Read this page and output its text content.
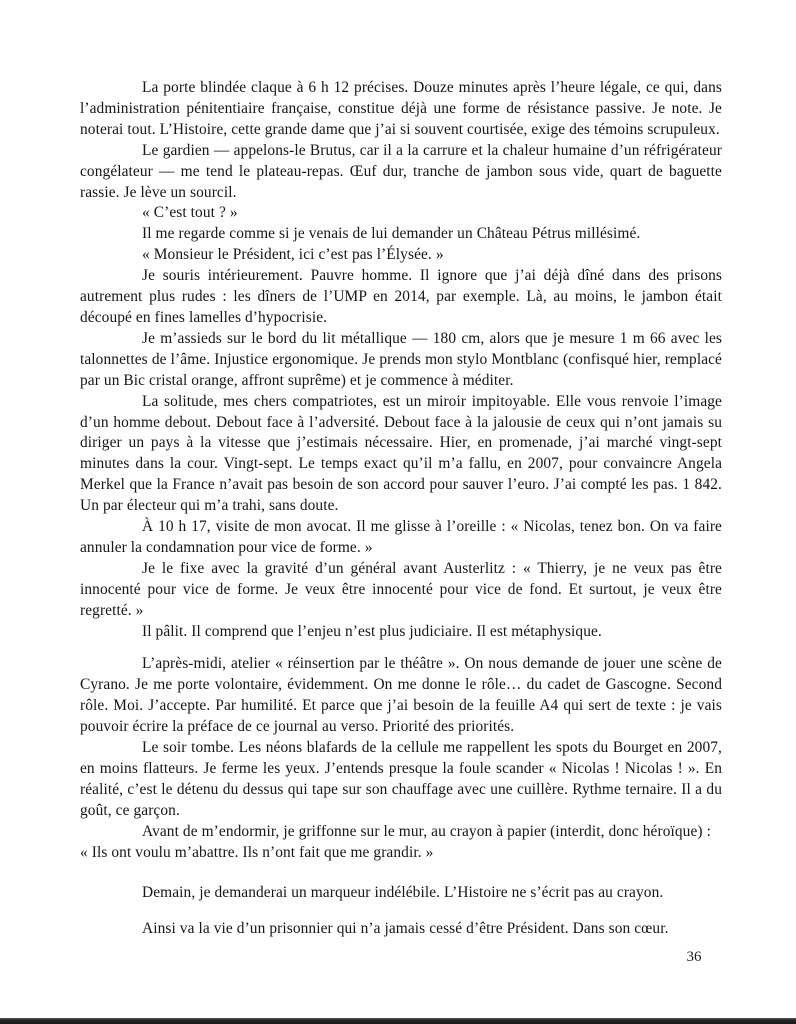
La porte blindée claque à 6 h 12 précises. Douze minutes après l’heure légale, ce qui, dans l’administration pénitentiaire française, constitue déjà une forme de résistance passive. Je note. Je noterai tout. L’Histoire, cette grande dame que j’ai si souvent courtisée, exige des témoins scrupuleux.

Le gardien — appelons-le Brutus, car il a la carrure et la chaleur humaine d’un réfrigérateur congélateur — me tend le plateau-repas. Œuf dur, tranche de jambon sous vide, quart de baguette rassie. Je lève un sourcil.

« C’est tout ? »

Il me regarde comme si je venais de lui demander un Château Pétrus millésimé.

« Monsieur le Président, ici c’est pas l’Élysée. »

Je souris intérieurement. Pauvre homme. Il ignore que j’ai déjà dîné dans des prisons autrement plus rudes : les dîners de l’UMP en 2014, par exemple. Là, au moins, le jambon était découpé en fines lamelles d’hypocrisie.

Je m’assieds sur le bord du lit métallique — 180 cm, alors que je mesure 1 m 66 avec les talonnettes de l’âme. Injustice ergonomique. Je prends mon stylo Montblanc (confisqué hier, remplacé par un Bic cristal orange, affront suprême) et je commence à méditer.

La solitude, mes chers compatriotes, est un miroir impitoyable. Elle vous renvoie l’image d’un homme debout. Debout face à l’adversité. Debout face à la jalousie de ceux qui n’ont jamais su diriger un pays à la vitesse que j’estimais nécessaire. Hier, en promenade, j’ai marché vingt-sept minutes dans la cour. Vingt-sept. Le temps exact qu’il m’a fallu, en 2007, pour convaincre Angela Merkel que la France n’avait pas besoin de son accord pour sauver l’euro. J’ai compté les pas. 1 842. Un par électeur qui m’a trahi, sans doute.

À 10 h 17, visite de mon avocat. Il me glisse à l’oreille : « Nicolas, tenez bon. On va faire annuler la condamnation pour vice de forme. »

Je le fixe avec la gravité d’un général avant Austerlitz : « Thierry, je ne veux pas être innocenté pour vice de forme. Je veux être innocenté pour vice de fond. Et surtout, je veux être regretté. »

Il pâlit. Il comprend que l’enjeu n’est plus judiciaire. Il est métaphysique.

L’après-midi, atelier « réinsertion par le théâtre ». On nous demande de jouer une scène de Cyrano. Je me porte volontaire, évidemment. On me donne le rôle… du cadet de Gascogne. Second rôle. Moi. J’accepte. Par humilité. Et parce que j’ai besoin de la feuille A4 qui sert de texte : je vais pouvoir écrire la préface de ce journal au verso. Priorité des priorités.

Le soir tombe. Les néons blafards de la cellule me rappellent les spots du Bourget en 2007, en moins flatteurs. Je ferme les yeux. J’entends presque la foule scander « Nicolas ! Nicolas ! ». En réalité, c’est le détenu du dessus qui tape sur son chauffage avec une cuillère. Rythme ternaire. Il a du goût, ce garçon.

Avant de m’endormir, je griffonne sur le mur, au crayon à papier (interdit, donc héroïque) :

« Ils ont voulu m’abattre. Ils n’ont fait que me grandir. »

Demain, je demanderai un marqueur indélébile. L’Histoire ne s’écrit pas au crayon.

Ainsi va la vie d’un prisonnier qui n’a jamais cessé d’être Président. Dans son cœur.

36
